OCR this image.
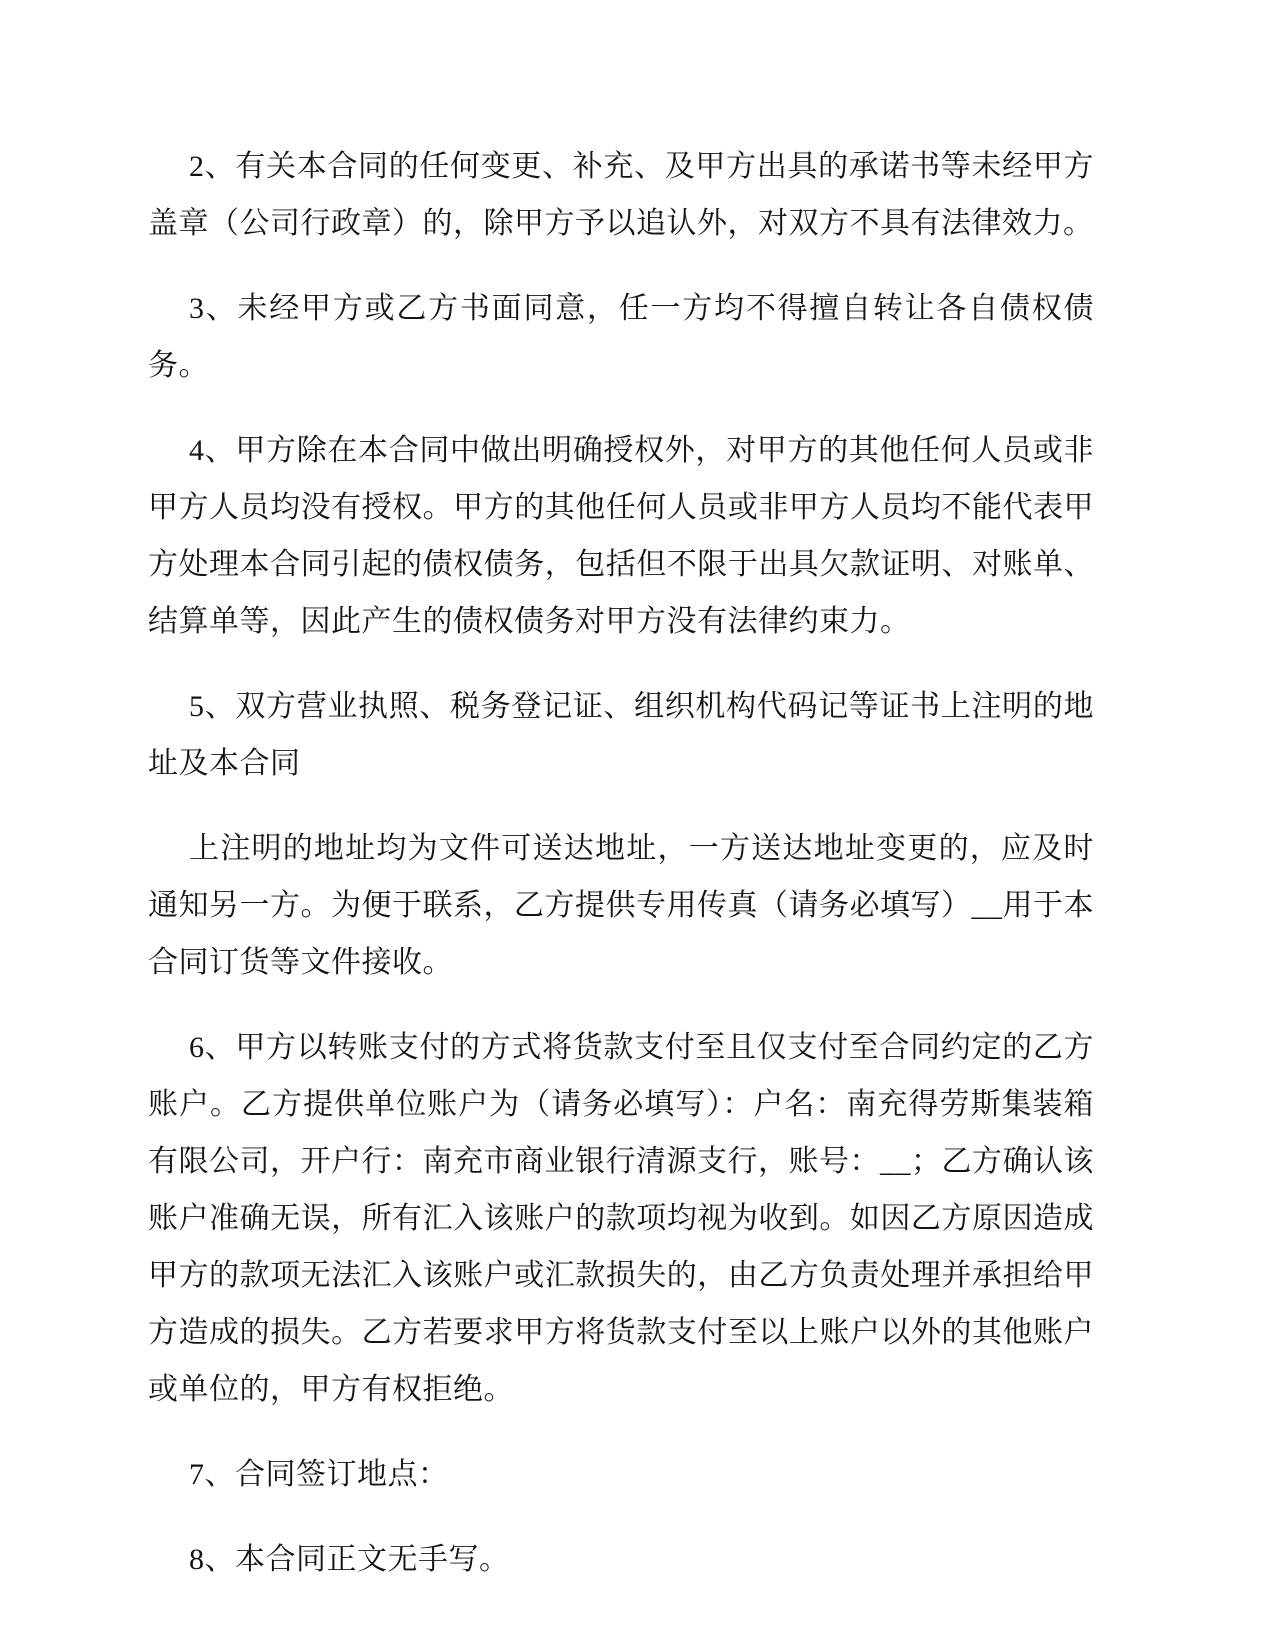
2、有关本合同的任何变更、补充、及甲方出具的承诺书等未经甲方盖章（公司行政章）的，除甲方予以追认外，对双方不具有法律效力。

3、未经甲方或乙方书面同意，任一方均不得擅自转让各自债权债务。

4、甲方除在本合同中做出明确授权外，对甲方的其他任何人员或非甲方人员均没有授权。甲方的其他任何人员或非甲方人员均不能代表甲方处理本合同引起的债权债务，包括但不限于出具欠款证明、对账单、结算单等，因此产生的债权债务对甲方没有法律约束力。

5、双方营业执照、税务登记证、组织机构代码记等证书上注明的地址及本合同

上注明的地址均为文件可送达地址，一方送达地址变更的，应及时通知另一方。为便于联系，乙方提供专用传真（请务必填写）__用于本合同订货等文件接收。

6、甲方以转账支付的方式将货款支付至且仅支付至合同约定的乙方账户。乙方提供单位账户为（请务必填写）：户名：南充得劳斯集装箱有限公司，开户行：南充市商业银行清源支行，账号：__；乙方确认该账户准确无误，所有汇入该账户的款项均视为收到。如因乙方原因造成甲方的款项无法汇入该账户或汇款损失的，由乙方负责处理并承担给甲方造成的损失。乙方若要求甲方将货款支付至以上账户以外的其他账户或单位的，甲方有权拒绝。

7、合同签订地点：

8、本合同正文无手写。
